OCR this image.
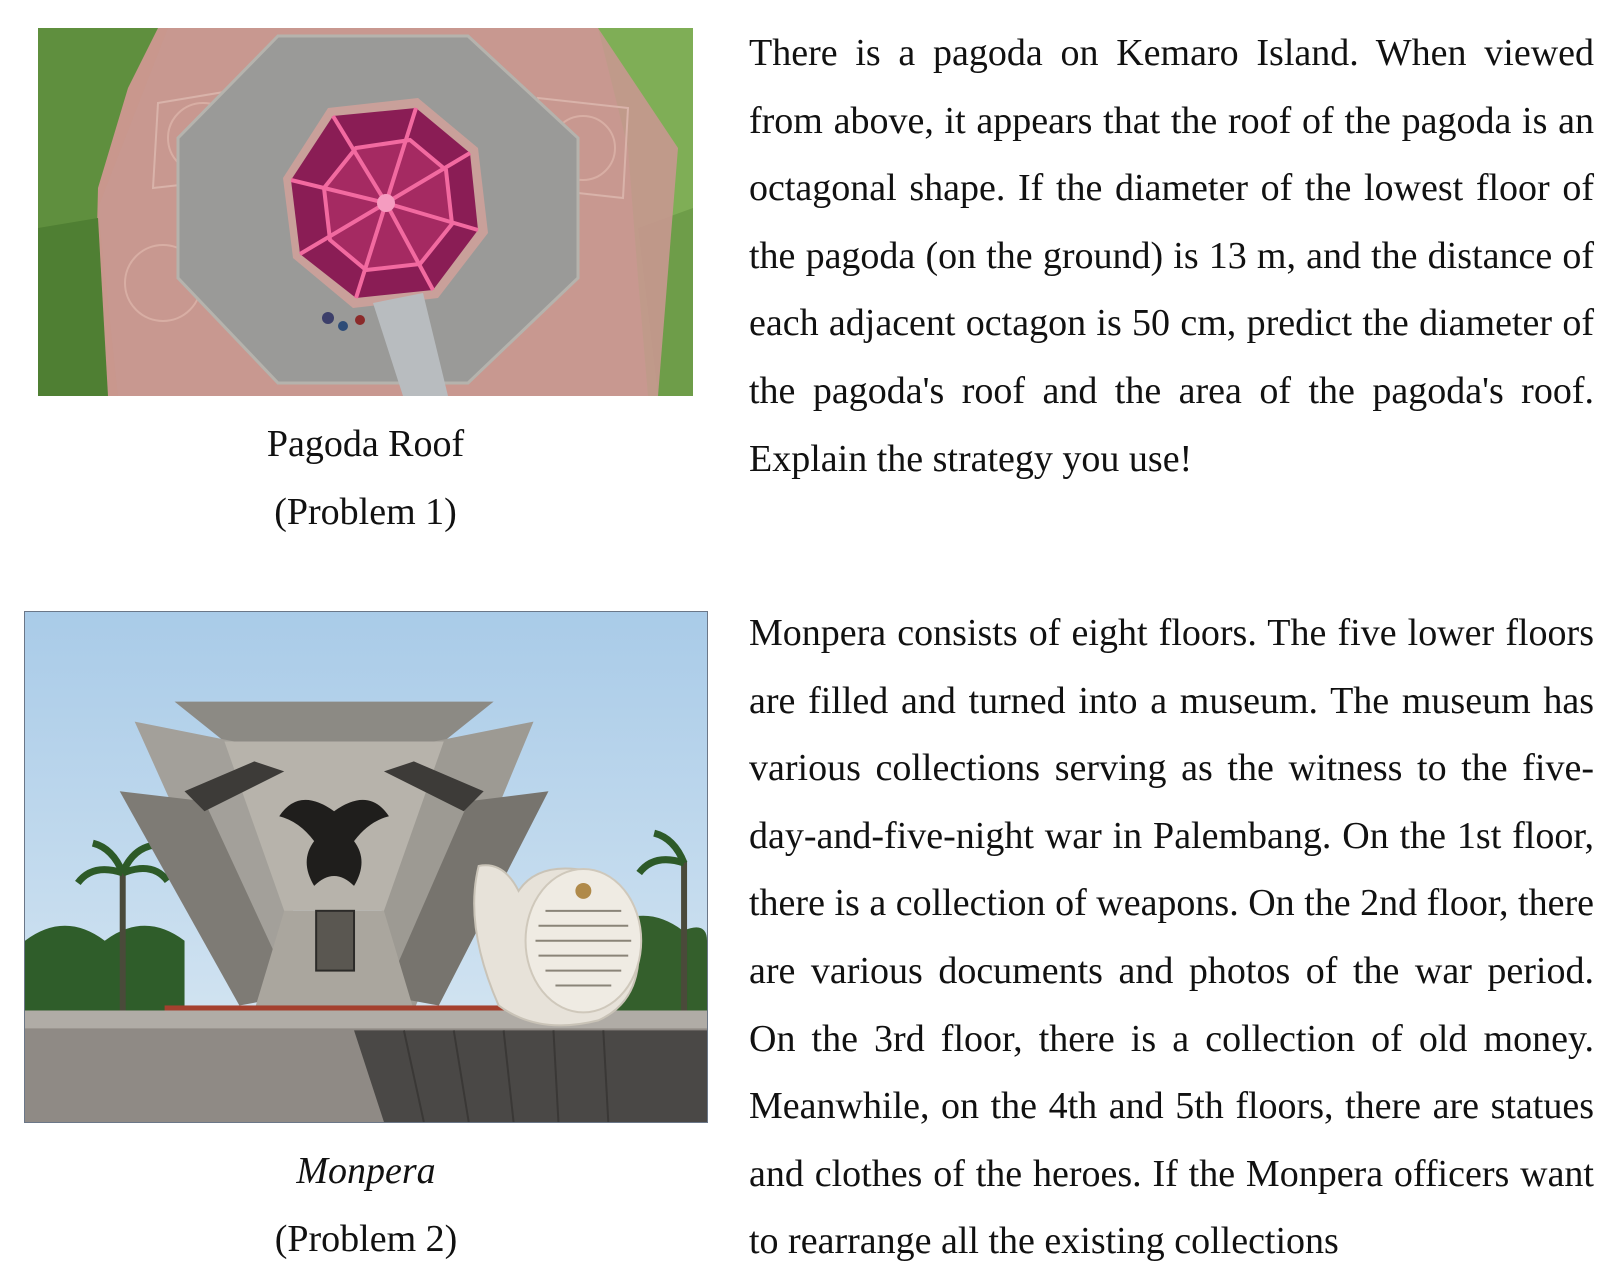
Pagoda Roof
(Problem 1)

There is a pagoda on Kemaro Island. When viewed from above, it appears that the roof of the pagoda is an octagonal shape. If the diameter of the lowest floor of the pagoda (on the ground) is 13 m, and the distance of each adjacent octagon is 50 cm, predict the diameter of the pagoda's roof and the area of the pagoda's roof. Explain the strategy you use!

Monpera
(Problem 2)

Monpera consists of eight floors. The five lower floors are filled and turned into a museum. The museum has various collections serving as the witness to the five-day-and-five-night war in Palembang. On the 1st floor, there is a collection of weapons. On the 2nd floor, there are various documents and photos of the war period. On the 3rd floor, there is a collection of old money. Meanwhile, on the 4th and 5th floors, there are statues and clothes of the heroes. If the Monpera officers want to rearrange all the existing collections
